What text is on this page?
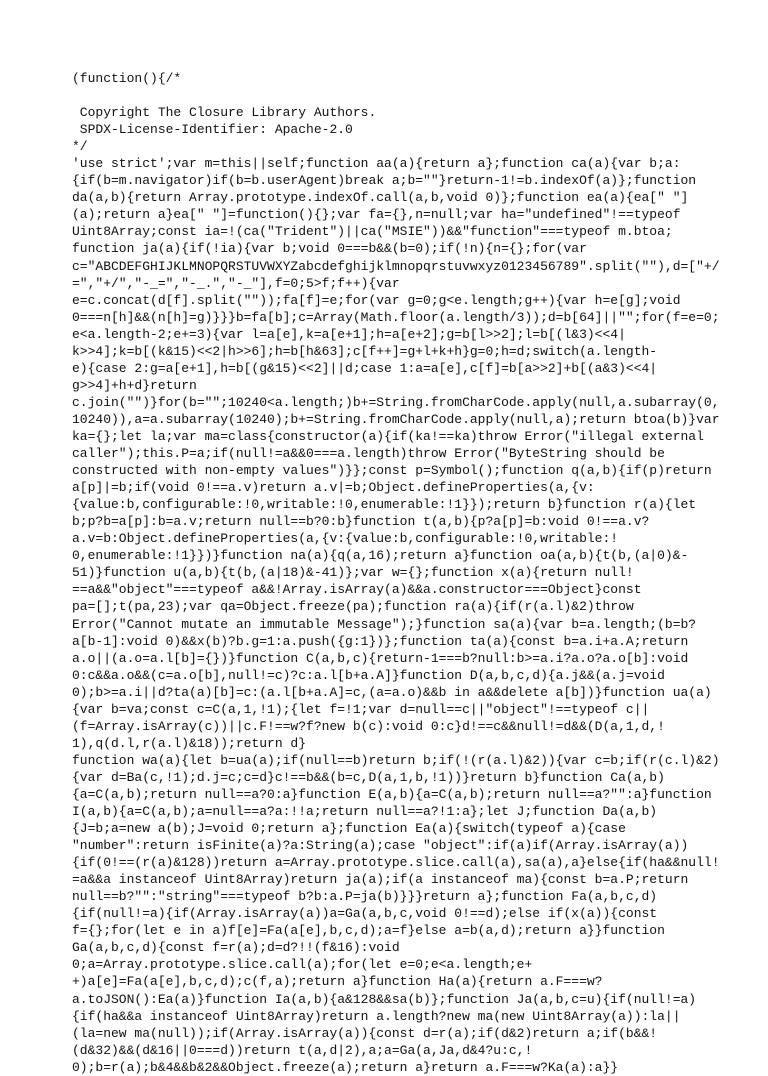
(function(){/*

Copyright The Closure Library Authors.
SPDX-License-Identifier: Apache-2.0
*/
'use strict';var m=this||self;function aa(a){return a};function ca(a){var b;a:
{if(b=m.navigator)if(b=b.userAgent)break a;b=""}return-1!=b.indexOf(a)};function
da(a,b){return Array.prototype.indexOf.call(a,b,void 0)};function ea(a){ea[" "]
(a);return a}ea[" "]=function(){};var fa={},n=null;var ha="undefined"!==typeof
Uint8Array;const ia=!(ca("Trident")||ca("MSIE"))&&"function"===typeof m.btoa;
function ja(a){if(!ia){var b;void 0===b&&(b=0);if(!n){n={};for(var
c="ABCDEFGHIJKLMNOPQRSTUVWXYZabcdefghijklmnopqrstuvwxyz0123456789".split(""),d=["+/
=","+/","-_=","-_.","-_"],f=0;5>f;f++){var
e=c.concat(d[f].split(""));fa[f]=e;for(var g=0;g<e.length;g++){var h=e[g];void
0===n[h]&&(n[h]=g)}}}b=fa[b];c=Array(Math.floor(a.length/3));d=b[64]||"";for(f=e=0;
e<a.length-2;e+=3){var l=a[e],k=a[e+1];h=a[e+2];g=b[l>>2];l=b[(l&3)<<4|
k>>4];k=b[(k&15)<<2|h>>6];h=b[h&63];c[f++]=g+l+k+h}g=0;h=d;switch(a.length-
e){case 2:g=a[e+1],h=b[(g&15)<<2]||d;case 1:a=a[e],c[f]=b[a>>2]+b[(a&3)<<4|
g>>4]+h+d}return
c.join("")}for(b="";10240<a.length;)b+=String.fromCharCode.apply(null,a.subarray(0,
10240)),a=a.subarray(10240);b+=String.fromCharCode.apply(null,a);return btoa(b)}var
ka={};let la;var ma=class{constructor(a){if(ka!==ka)throw Error("illegal external
caller");this.P=a;if(null!=a&&0===a.length)throw Error("ByteString should be
constructed with non-empty values")}};const p=Symbol();function q(a,b){if(p)return
a[p]|=b;if(void 0!==a.v)return a.v|=b;Object.defineProperties(a,{v:
{value:b,configurable:!0,writable:!0,enumerable:!1}});return b}function r(a){let
b;p?b=a[p]:b=a.v;return null==b?0:b}function t(a,b){p?a[p]=b:void 0!==a.v?
a.v=b:Object.defineProperties(a,{v:{value:b,configurable:!0,writable:!
0,enumerable:!1}})}function na(a){q(a,16);return a}function oa(a,b){t(b,(a|0)&-
51)}function u(a,b){t(b,(a|18)&-41)};var w={};function x(a){return null!
==a&&"object"===typeof a&&!Array.isArray(a)&&a.constructor===Object}const
pa=[];t(pa,23);var qa=Object.freeze(pa);function ra(a){if(r(a.l)&2)throw
Error("Cannot mutate an immutable Message");}function sa(a){var b=a.length;(b=b?
a[b-1]:void 0)&&x(b)?b.g=1:a.push({g:1})};function ta(a){const b=a.i+a.A;return
a.o||(a.o=a.l[b]={})}function C(a,b,c){return-1===b?null:b>=a.i?a.o?a.o[b]:void
0:c&&a.o&&(c=a.o[b],null!=c)?c:a.l[b+a.A]}function D(a,b,c,d){a.j&&(a.j=void
0);b>=a.i||d?ta(a)[b]=c:(a.l[b+a.A]=c,(a=a.o)&&b in a&&delete a[b])}function ua(a)
{var b=va;const c=C(a,1,!1);{let f=!1;var d=null==c||"object"!==typeof c||
(f=Array.isArray(c))||c.F!==w?f?new b(c):void 0:c}d!==c&&null!=d&&(D(a,1,d,!
1),q(d.l,r(a.l)&18));return d}
function wa(a){let b=ua(a);if(null==b)return b;if(!(r(a.l)&2)){var c=b;if(r(c.l)&2)
{var d=Ba(c,!1);d.j=c;c=d}c!==b&&(b=c,D(a,1,b,!1))}return b}function Ca(a,b)
{a=C(a,b);return null==a?0:a}function E(a,b){a=C(a,b);return null==a?"":a}function
I(a,b){a=C(a,b);a=null==a?a:!!a;return null==a?!1:a};let J;function Da(a,b)
{J=b;a=new a(b);J=void 0;return a};function Ea(a){switch(typeof a){case
"number":return isFinite(a)?a:String(a);case "object":if(a)if(Array.isArray(a))
{if(0!==(r(a)&128))return a=Array.prototype.slice.call(a),sa(a),a}else{if(ha&&null!
=a&&a instanceof Uint8Array)return ja(a);if(a instanceof ma){const b=a.P;return
null==b?"":"string"===typeof b?b:a.P=ja(b)}}}return a};function Fa(a,b,c,d)
{if(null!=a){if(Array.isArray(a))a=Ga(a,b,c,void 0!==d);else if(x(a)){const
f={};for(let e in a)f[e]=Fa(a[e],b,c,d);a=f}else a=b(a,d);return a}}function
Ga(a,b,c,d){const f=r(a);d=d?!!(f&16):void
0;a=Array.prototype.slice.call(a);for(let e=0;e<a.length;e+
+)a[e]=Fa(a[e],b,c,d);c(f,a);return a}function Ha(a){return a.F===w?
a.toJSON():Ea(a)}function Ia(a,b){a&128&&sa(b)};function Ja(a,b,c=u){if(null!=a)
{if(ha&&a instanceof Uint8Array)return a.length?new ma(new Uint8Array(a)):la||
(la=new ma(null));if(Array.isArray(a)){const d=r(a);if(d&2)return a;if(b&&!
(d&32)&&(d&16||0===d))return t(a,d|2),a;a=Ga(a,Ja,d&4?u:c,!
0);b=r(a);b&4&&b&2&&Object.freeze(a);return a}return a.F===w?Ka(a):a}}
